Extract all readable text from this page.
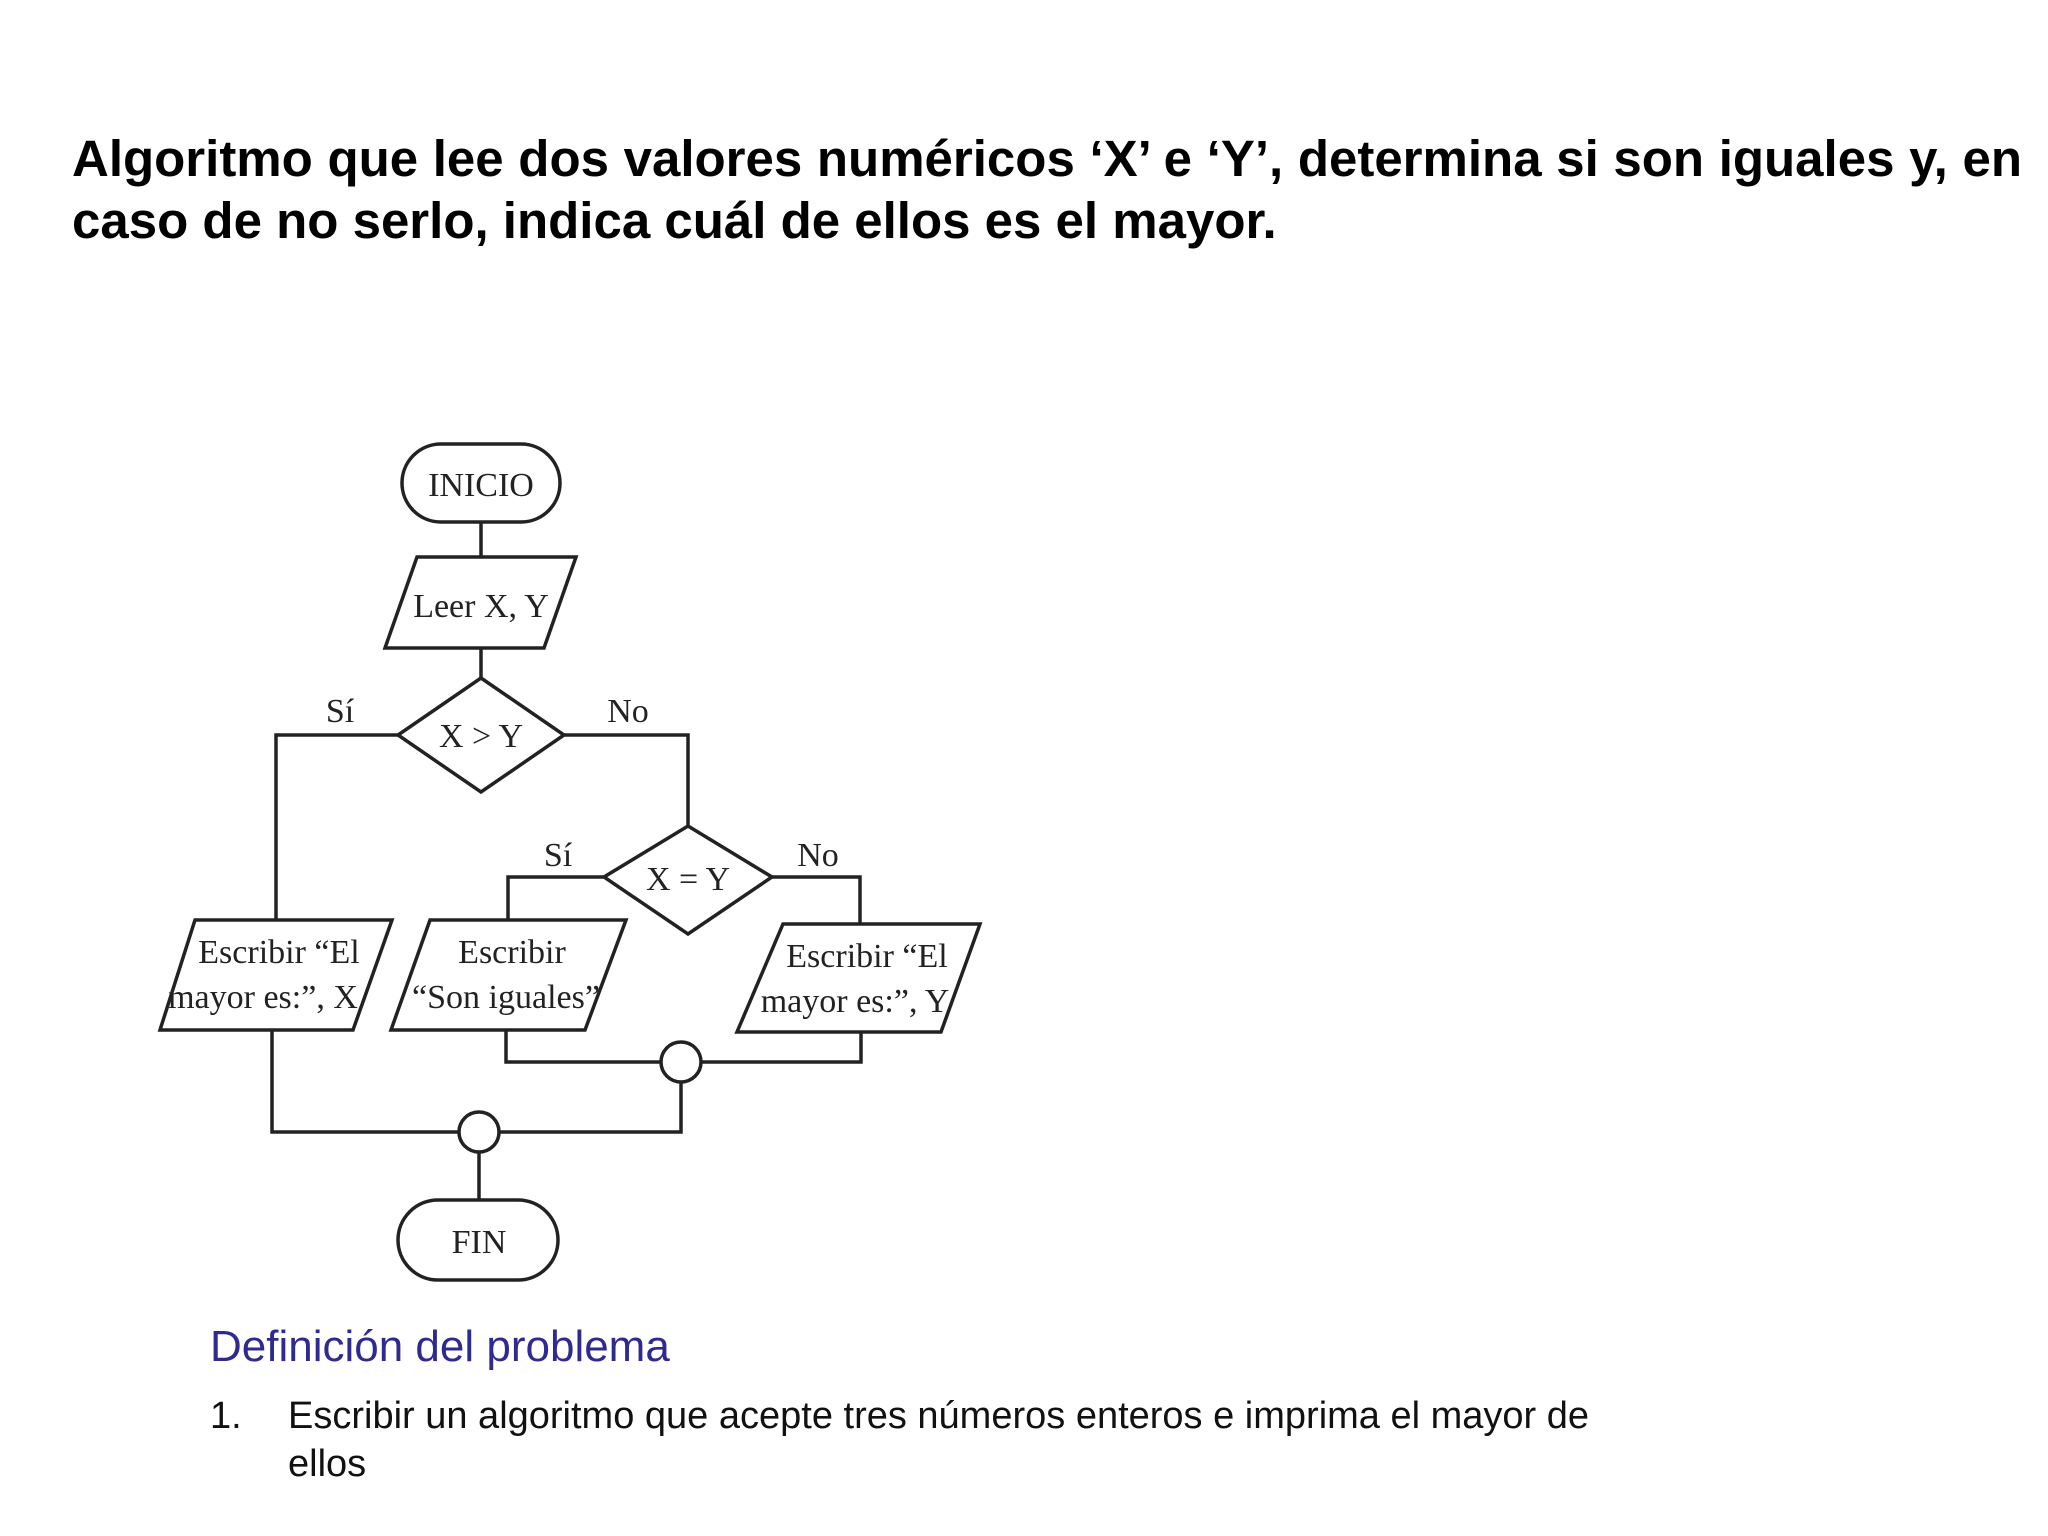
Algoritmo que lee dos valores numéricos ‘X’ e ‘Y’, determina si son iguales y, en caso de no serlo, indica cuál de ellos es el mayor.
INICIO
Leer X, Y
X > Y
Sí	No
X = Y
Sí	No
Escribir “El
mayor es:”, X
Escribir
“Son iguales”
Escribir “El
mayor es:”, Y
FIN
Definición del problema
1. Escribir un algoritmo que acepte tres números enteros e imprima el mayor de ellos
